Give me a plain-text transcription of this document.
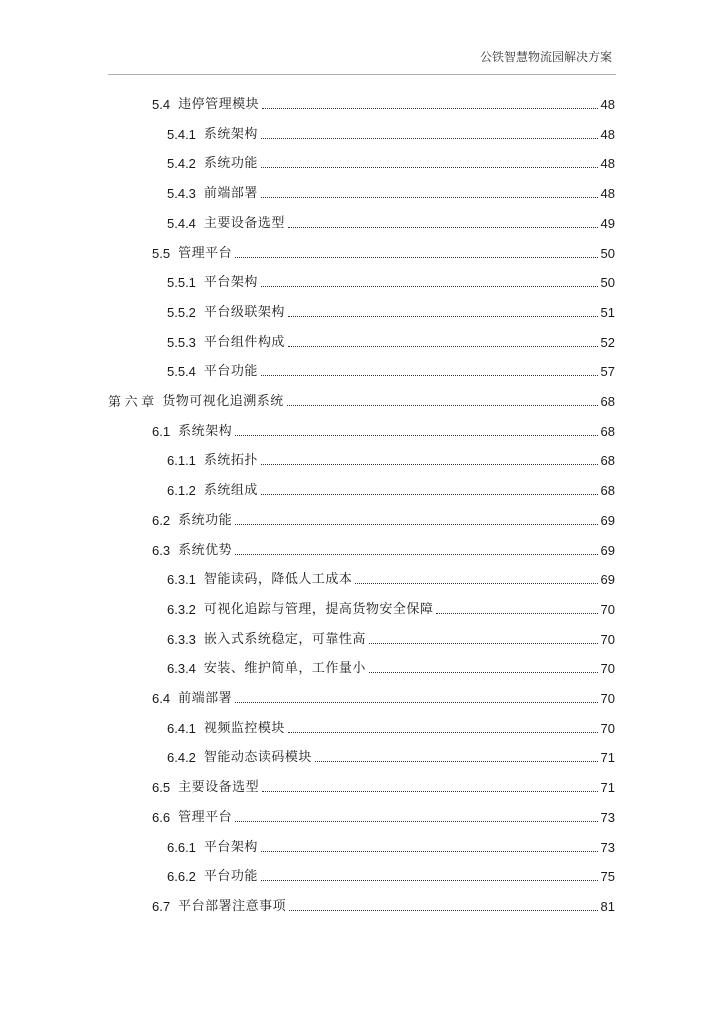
公铁智慧物流园解决方案
5.4 违停管理模块	48
5.4.1 系统架构	48
5.4.2 系统功能	48
5.4.3 前端部署	48
5.4.4 主要设备选型	49
5.5 管理平台	50
5.5.1 平台架构	50
5.5.2 平台级联架构	51
5.5.3 平台组件构成	52
5.5.4 平台功能	57
第 六 章 货物可视化追溯系统	68
6.1 系统架构	68
6.1.1 系统拓扑	68
6.1.2 系统组成	68
6.2 系统功能	69
6.3 系统优势	69
6.3.1 智能读码，降低人工成本	69
6.3.2 可视化追踪与管理，提高货物安全保障	70
6.3.3 嵌入式系统稳定，可靠性高	70
6.3.4 安装、维护简单，工作量小	70
6.4 前端部署	70
6.4.1 视频监控模块	70
6.4.2 智能动态读码模块	71
6.5 主要设备选型	71
6.6 管理平台	73
6.6.1 平台架构	73
6.6.2 平台功能	75
6.7 平台部署注意事项	81
